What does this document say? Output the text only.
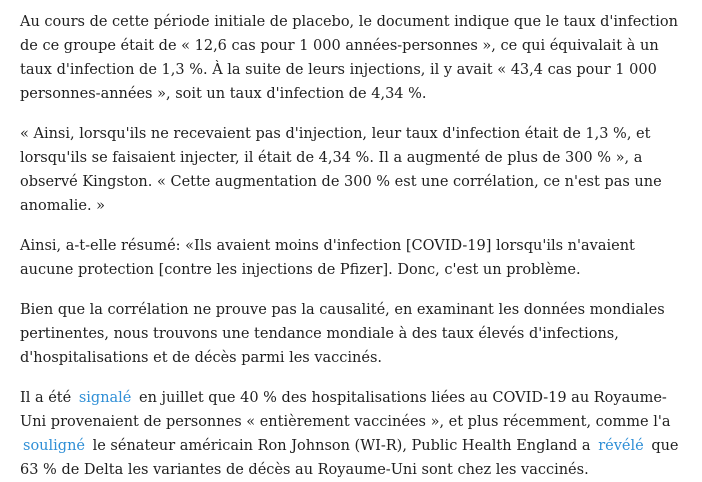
Au cours de cette période initiale de placebo, le document indique que le taux d'infection de ce groupe était de « 12,6 cas pour 1 000 années-personnes », ce qui équivalait à un taux d'infection de 1,3 %. À la suite de leurs injections, il y avait « 43,4 cas pour 1 000 personnes-années », soit un taux d'infection de 4,34 %.

« Ainsi, lorsqu'ils ne recevaient pas d'injection, leur taux d'infection était de 1,3 %, et lorsqu'ils se faisaient injecter, il était de 4,34 %. Il a augmenté de plus de 300 % », a observé Kingston. « Cette augmentation de 300 % est une corrélation, ce n'est pas une anomalie. »

Ainsi, a-t-elle résumé: «Ils avaient moins d'infection [COVID-19] lorsqu'ils n'avaient aucune protection [contre les injections de Pfizer]. Donc, c'est un problème.

Bien que la corrélation ne prouve pas la causalité, en examinant les données mondiales pertinentes, nous trouvons une tendance mondiale à des taux élevés d'infections, d'hospitalisations et de décès parmi les vaccinés.

Il a été signalé en juillet que 40 % des hospitalisations liées au COVID-19 au Royaume-Uni provenaient de personnes « entièrement vaccinées », et plus récemment, comme l'a souligné le sénateur américain Ron Johnson (WI-R), Public Health England a révélé que 63 % de Delta les variantes de décès au Royaume-Uni sont chez les vaccinés.
